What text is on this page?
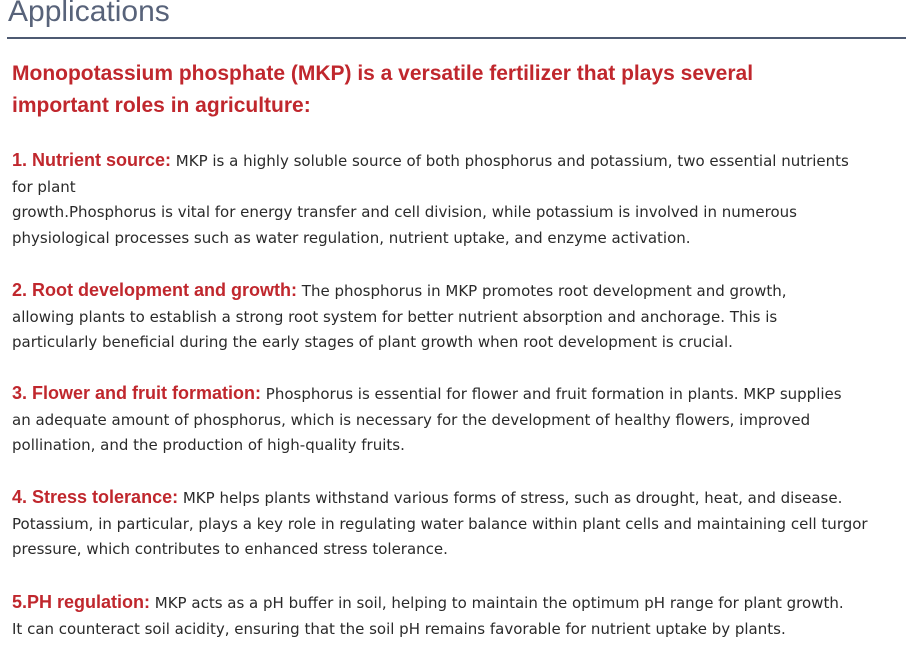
Applications

Monopotassium phosphate (MKP) is a versatile fertilizer that plays several
important roles in agriculture:

1. Nutrient source: MKP is a highly soluble source of both phosphorus and potassium, two essential nutrients
for plant
growth.Phosphorus is vital for energy transfer and cell division, while potassium is involved in numerous
physiological processes such as water regulation, nutrient uptake, and enzyme activation.

2. Root development and growth: The phosphorus in MKP promotes root development and growth,
allowing plants to establish a strong root system for better nutrient absorption and anchorage. This is
particularly beneficial during the early stages of plant growth when root development is crucial.

3. Flower and fruit formation: Phosphorus is essential for flower and fruit formation in plants. MKP supplies
an adequate amount of phosphorus, which is necessary for the development of healthy flowers, improved
pollination, and the production of high-quality fruits.

4. Stress tolerance: MKP helps plants withstand various forms of stress, such as drought, heat, and disease.
Potassium, in particular, plays a key role in regulating water balance within plant cells and maintaining cell turgor
pressure, which contributes to enhanced stress tolerance.

5.PH regulation: MKP acts as a pH buffer in soil, helping to maintain the optimum pH range for plant growth.
It can counteract soil acidity, ensuring that the soil pH remains favorable for nutrient uptake by plants.
